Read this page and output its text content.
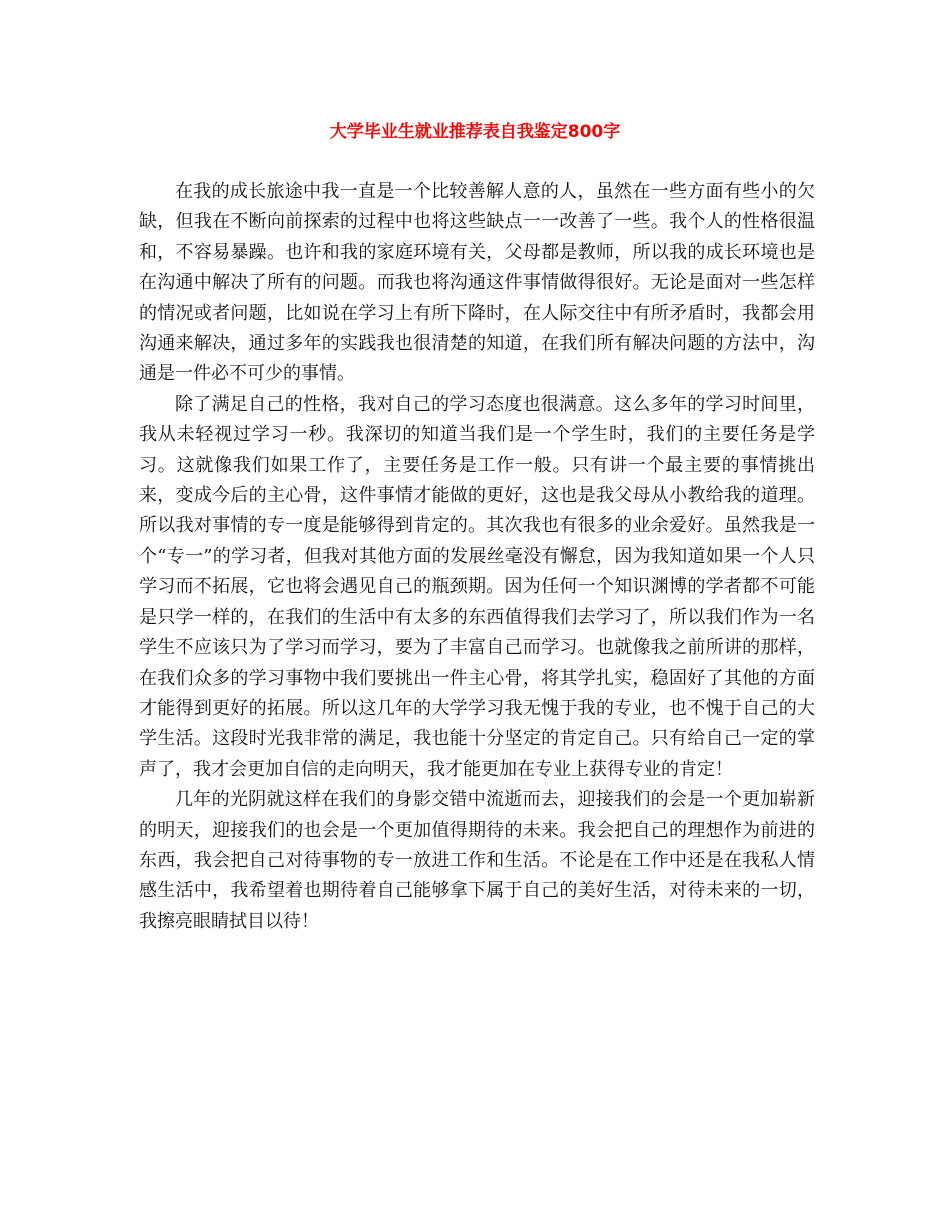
大学毕业生就业推荐表自我鉴定800字

在我的成长旅途中我一直是一个比较善解人意的人，虽然在一些方面有些小的欠缺，但我在不断向前探索的过程中也将这些缺点一一改善了一些。我个人的性格很温和，不容易暴躁。也许和我的家庭环境有关，父母都是教师，所以我的成长环境也是在沟通中解决了所有的问题。而我也将沟通这件事情做得很好。无论是面对一些怎样的情况或者问题，比如说在学习上有所下降时，在人际交往中有所矛盾时，我都会用沟通来解决，通过多年的实践我也很清楚的知道，在我们所有解决问题的方法中，沟通是一件必不可少的事情。

除了满足自己的性格，我对自己的学习态度也很满意。这么多年的学习时间里，我从未轻视过学习一秒。我深切的知道当我们是一个学生时，我们的主要任务是学习。这就像我们如果工作了，主要任务是工作一般。只有讲一个最主要的事情挑出来，变成今后的主心骨，这件事情才能做的更好，这也是我父母从小教给我的道理。所以我对事情的专一度是能够得到肯定的。其次我也有很多的业余爱好。虽然我是一个“专一”的学习者，但我对其他方面的发展丝毫没有懈怠，因为我知道如果一个人只学习而不拓展，它也将会遇见自己的瓶颈期。因为任何一个知识渊博的学者都不可能是只学一样的，在我们的生活中有太多的东西值得我们去学习了，所以我们作为一名学生不应该只为了学习而学习，要为了丰富自己而学习。也就像我之前所讲的那样，在我们众多的学习事物中我们要挑出一件主心骨，将其学扎实，稳固好了其他的方面才能得到更好的拓展。所以这几年的大学学习我无愧于我的专业，也不愧于自己的大学生活。这段时光我非常的满足，我也能十分坚定的肯定自己。只有给自己一定的掌声了，我才会更加自信的走向明天，我才能更加在专业上获得专业的肯定！

几年的光阴就这样在我们的身影交错中流逝而去，迎接我们的会是一个更加崭新的明天，迎接我们的也会是一个更加值得期待的未来。我会把自己的理想作为前进的东西，我会把自己对待事物的专一放进工作和生活。不论是在工作中还是在我私人情感生活中，我希望着也期待着自己能够拿下属于自己的美好生活，对待未来的一切，我擦亮眼睛拭目以待！
